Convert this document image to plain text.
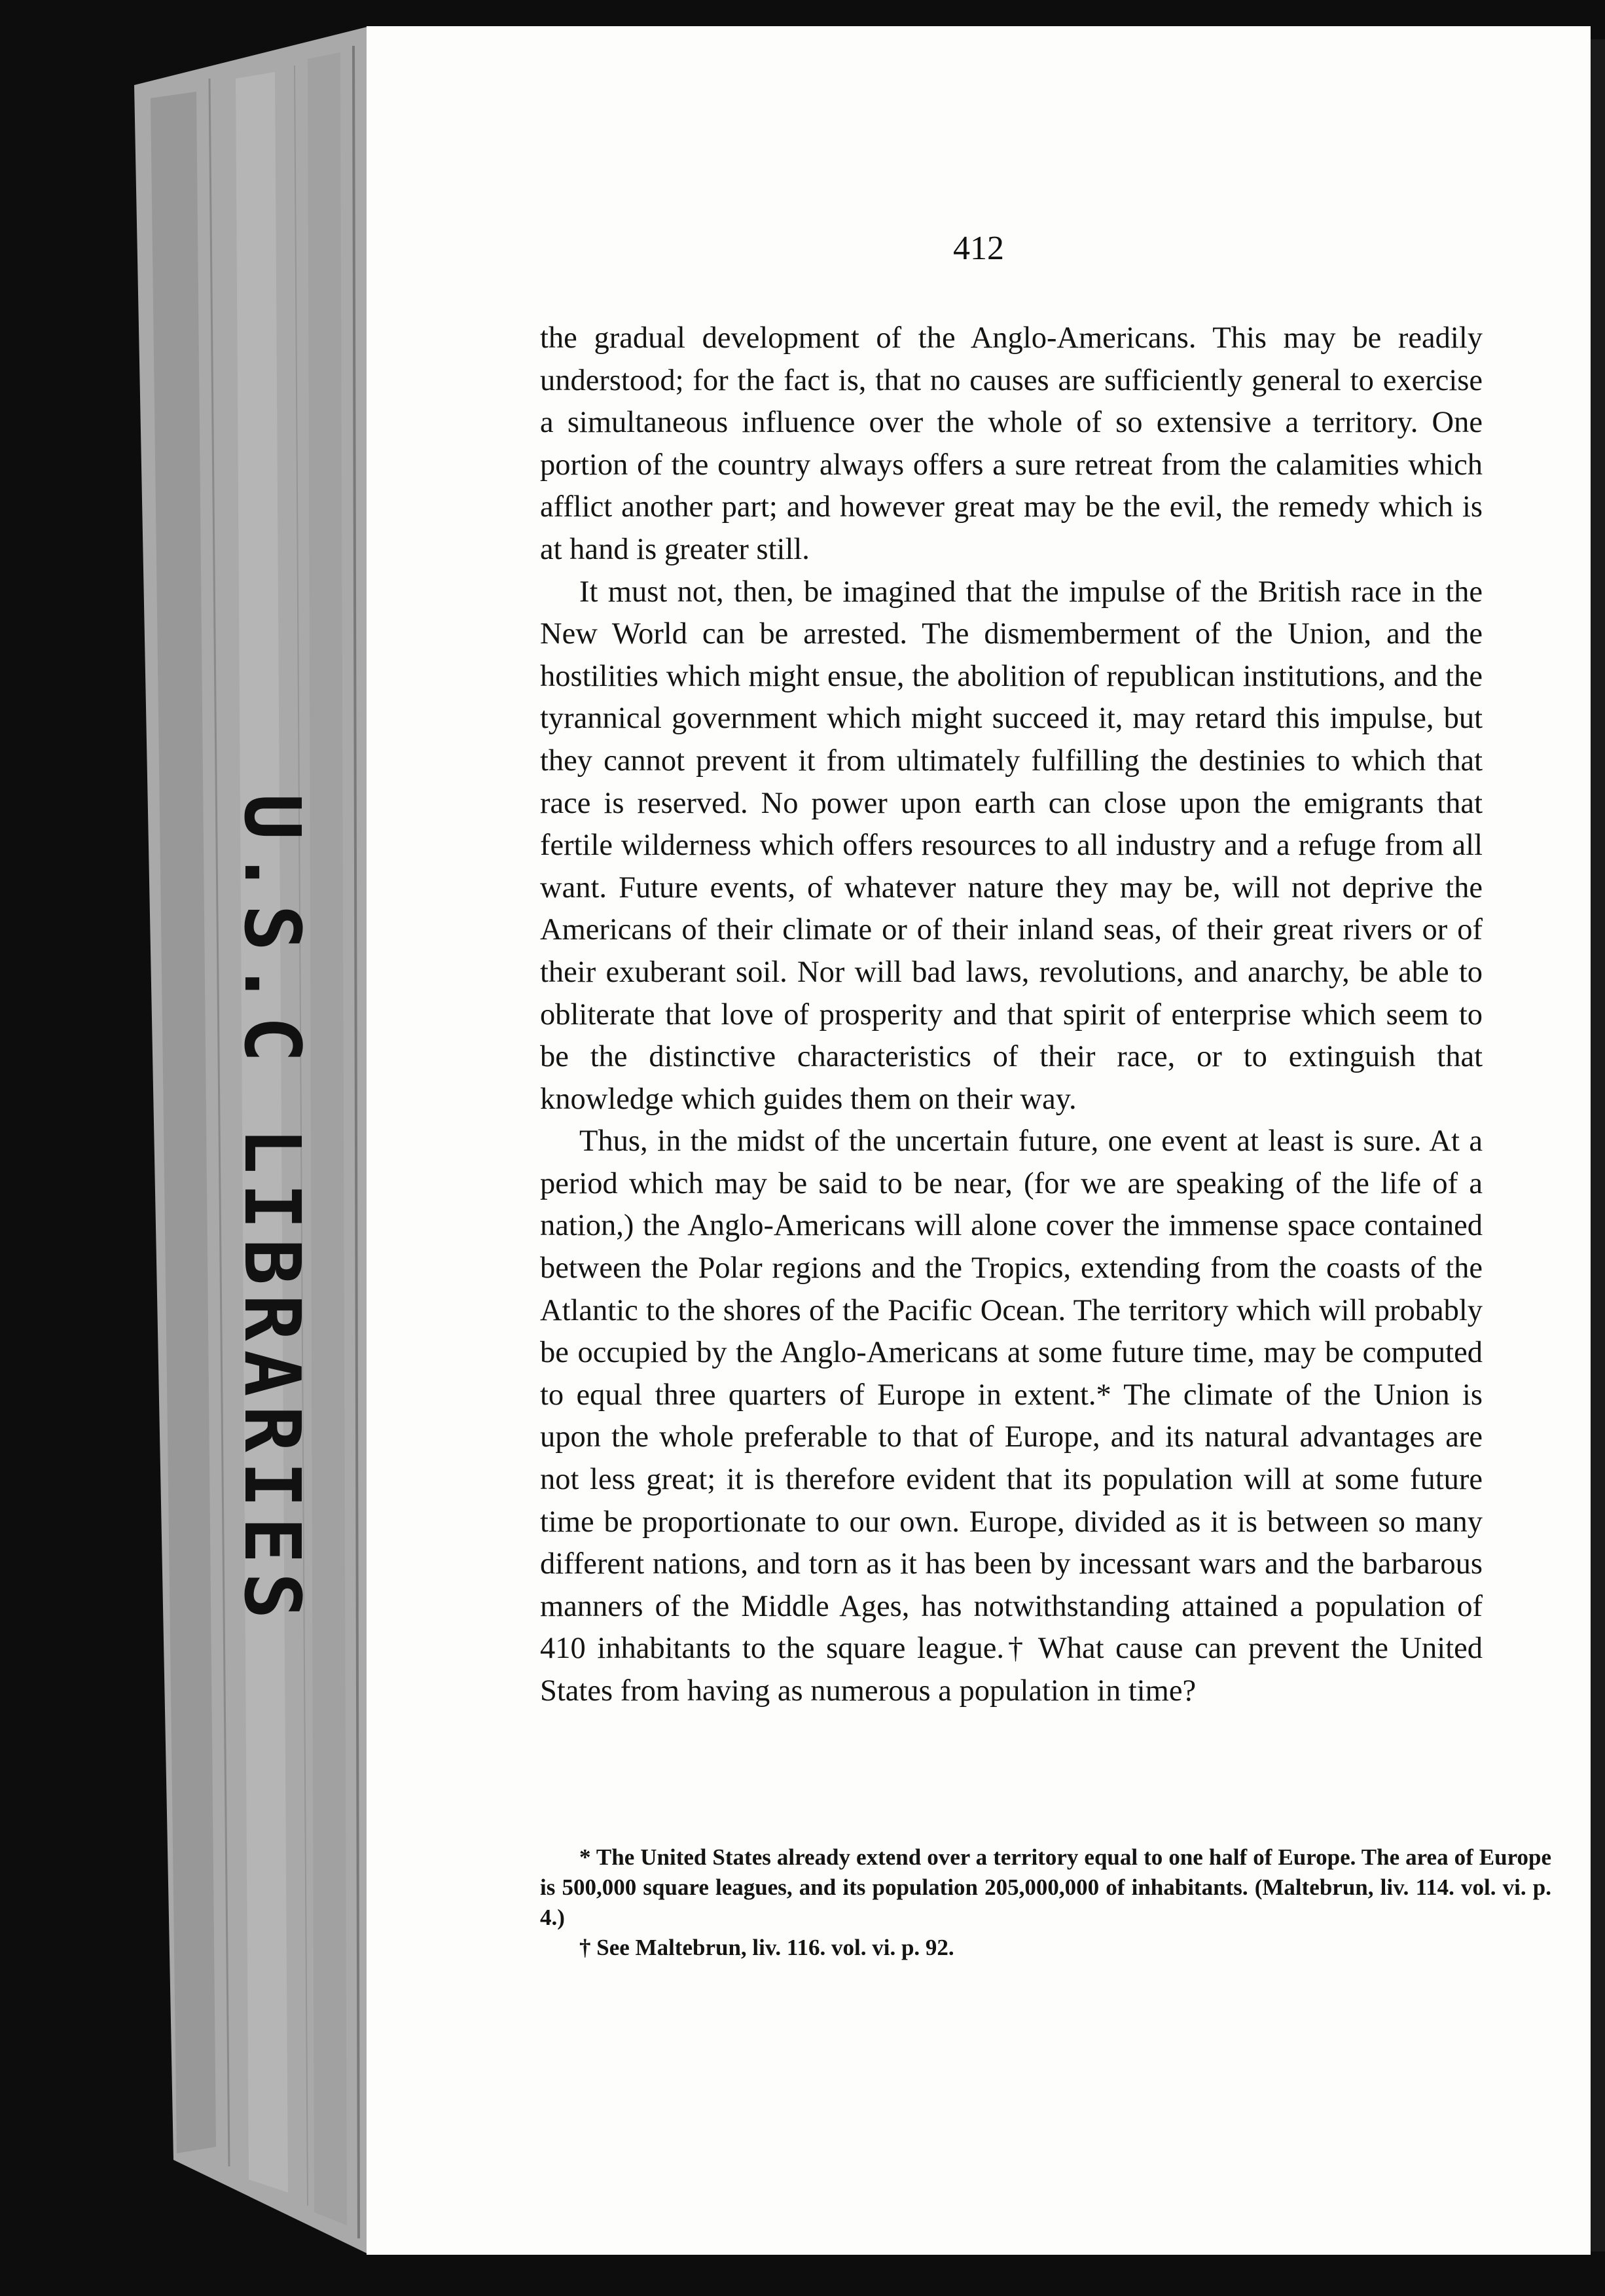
U.S.C LIBRARIES
412

the gradual development of the Anglo-Americans. This may be readily understood; for the fact is, that no causes are sufficiently general to exercise a simultaneous influence over the whole of so extensive a territory. One portion of the country always offers a sure retreat from the calamities which afflict another part; and however great may be the evil, the remedy which is at hand is greater still.

It must not, then, be imagined that the impulse of the British race in the New World can be arrested. The dismemberment of the Union, and the hostilities which might ensue, the abolition of republican institutions, and the tyrannical government which might succeed it, may retard this impulse, but they cannot prevent it from ultimately fulfilling the destinies to which that race is reserved. No power upon earth can close upon the emigrants that fertile wilderness which offers resources to all industry and a refuge from all want. Future events, of whatever nature they may be, will not deprive the Americans of their climate or of their inland seas, of their great rivers or of their exuberant soil. Nor will bad laws, revolutions, and anarchy, be able to obliterate that love of prosperity and that spirit of enterprise which seem to be the distinctive characteristics of their race, or to extinguish that knowledge which guides them on their way.

Thus, in the midst of the uncertain future, one event at least is sure. At a period which may be said to be near, (for we are speaking of the life of a nation,) the Anglo-Americans will alone cover the immense space contained between the Polar regions and the Tropics, extending from the coasts of the Atlantic to the shores of the Pacific Ocean. The territory which will probably be occupied by the Anglo-Americans at some future time, may be computed to equal three quarters of Europe in extent.* The climate of the Union is upon the whole preferable to that of Europe, and its natural advantages are not less great; it is therefore evident that its population will at some future time be proportionate to our own. Europe, divided as it is between so many different nations, and torn as it has been by incessant wars and the barbarous manners of the Middle Ages, has notwithstanding attained a population of 410 inhabitants to the square league.† What cause can prevent the United States from having as numerous a population in time?

* The United States already extend over a territory equal to one half of Europe. The area of Europe is 500,000 square leagues, and its population 205,000,000 of inhabitants. (Maltebrun, liv. 114. vol. vi. p. 4.)

† See Maltebrun, liv. 116. vol. vi. p. 92.
